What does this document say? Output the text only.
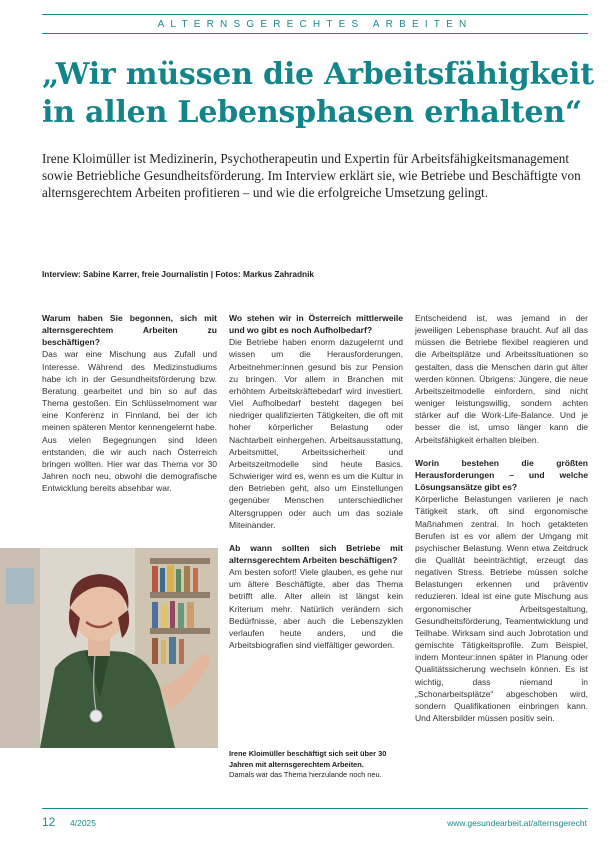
ALTERNSGERECHTES ARBEITEN
„Wir müssen die Arbeitsfähigkeit
in allen Lebensphasen erhalten“
Irene Kloimüller ist Medizinerin, Psychotherapeutin und Expertin für Arbeitsfähigkeitsmanagement sowie Betriebliche Gesundheitsförderung. Im Interview erklärt sie, wie Betriebe und Beschäftigte von alternsgerechtem Arbeiten profitieren – und wie die erfolgreiche Umsetzung gelingt.
Interview: Sabine Karrer, freie Journalistin | Fotos: Markus Zahradnik

Warum haben Sie begonnen, sich mit alternsgerechtem Arbeiten zu beschäftigen?

Das war eine Mischung aus Zufall und Interesse. Während des Medizinstudiums habe ich in der Gesundheitsförderung bzw. Beratung gearbeitet und bin so auf das Thema gestoßen. Ein Schlüsselmoment war eine Konferenz in Finnland, bei der ich meinen späteren Mentor kennengelernt habe. Aus vielen Begegnungen sind Ideen entstanden, die wir auch nach Österreich bringen wollten. Hier war das Thema vor 30 Jahren noch neu, obwohl die demografische Entwicklung bereits absehbar war.

Wo stehen wir in Österreich mittlerweile und wo gibt es noch Aufholbedarf?

Die Betriebe haben enorm dazugelernt und wissen um die Herausforderungen, Arbeitnehmer:innen gesund bis zur Pension zu bringen. Vor allem in Branchen mit erhöhtem Arbeitskräftebedarf wird investiert. Viel Aufholbedarf besteht dagegen bei niedriger qualifizierten Tätigkeiten, die oft mit hoher körperlicher Belastung oder Nachtarbeit einhergehen. Arbeitsausstattung, Arbeitsmittel, Arbeitssicherheit und Arbeitszeitmodelle sind heute Basics. Schwieriger wird es, wenn es um die Kultur in den Betrieben geht, also um Einstellungen gegenüber Menschen unterschiedlicher Altersgruppen oder auch um das soziale Miteinander.

Ab wann sollten sich Betriebe mit alternsgerechtem Arbeiten beschäftigen?

Am besten sofort! Viele glauben, es gehe nur um ältere Beschäftigte, aber das Thema betrifft alle. Alter allein ist längst kein Kriterium mehr. Natürlich verändern sich Bedürfnisse, aber auch die Lebenszyklen verlaufen heute anders, und die Arbeitsbiografien sind vielfältiger geworden.

Irene Kloimüller beschäftigt sich seit über 30 Jahren mit alternsgerechtem Arbeiten.
Damals war das Thema hierzulande noch neu.

Entscheidend ist, was jemand in der jeweiligen Lebensphase braucht. Auf all das müssen die Betriebe flexibel reagieren und die Arbeitsplätze und Arbeitssituationen so gestalten, dass die Menschen darin gut älter werden können. Übrigens: Jüngere, die neue Arbeitszeitmodelle einfordern, sind nicht weniger leistungswillig, sondern achten stärker auf die Work-Life-Balance. Und je besser die ist, umso länger kann die Arbeitsfähigkeit erhalten bleiben.

Worin bestehen die größten Herausforderungen – und welche Lösungsansätze gibt es?

Körperliche Belastungen variieren je nach Tätigkeit stark, oft sind ergonomische Maßnahmen zentral. In hoch getakteten Berufen ist es vor allem der Umgang mit psychischer Belastung. Wenn etwa Zeitdruck die Qualität beeinträchtigt, erzeugt das negativen Stress. Betriebe müssen solche Belastungen erkennen und präventiv reduzieren. Ideal ist eine gute Mischung aus ergonomischer Arbeitsgestaltung, Gesundheitsförderung, Teamentwicklung und Teilhabe. Wirksam sind auch Jobrotation und gemischte Tätigkeitsprofile. Zum Beispiel, indem Monteur:innen später in Planung oder Qualitätssicherung wechseln können. Es ist wichtig, dass niemand in „Schonarbeitsplätze“ abgeschoben wird, sondern Qualifikationen einbringen kann. Und Altersbilder müssen positiv sein.

12 4/2025	www.gesundearbeit.at/alternsgerecht
